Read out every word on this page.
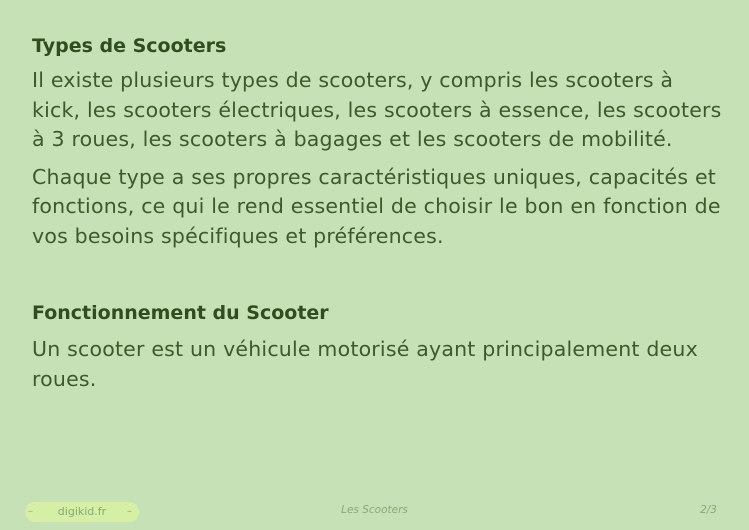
Types de Scooters

Il existe plusieurs types de scooters, y compris les scooters à kick, les scooters électriques, les scooters à essence, les scooters à 3 roues, les scooters à bagages et les scooters de mobilité.

Chaque type a ses propres caractéristiques uniques, capacités et fonctions, ce qui le rend essentiel de choisir le bon en fonction de vos besoins spécifiques et préférences.

Fonctionnement du Scooter

Un scooter est un véhicule motorisé ayant principalement deux roues.

–	digikid.fr	–	Les Scooters	2/3
